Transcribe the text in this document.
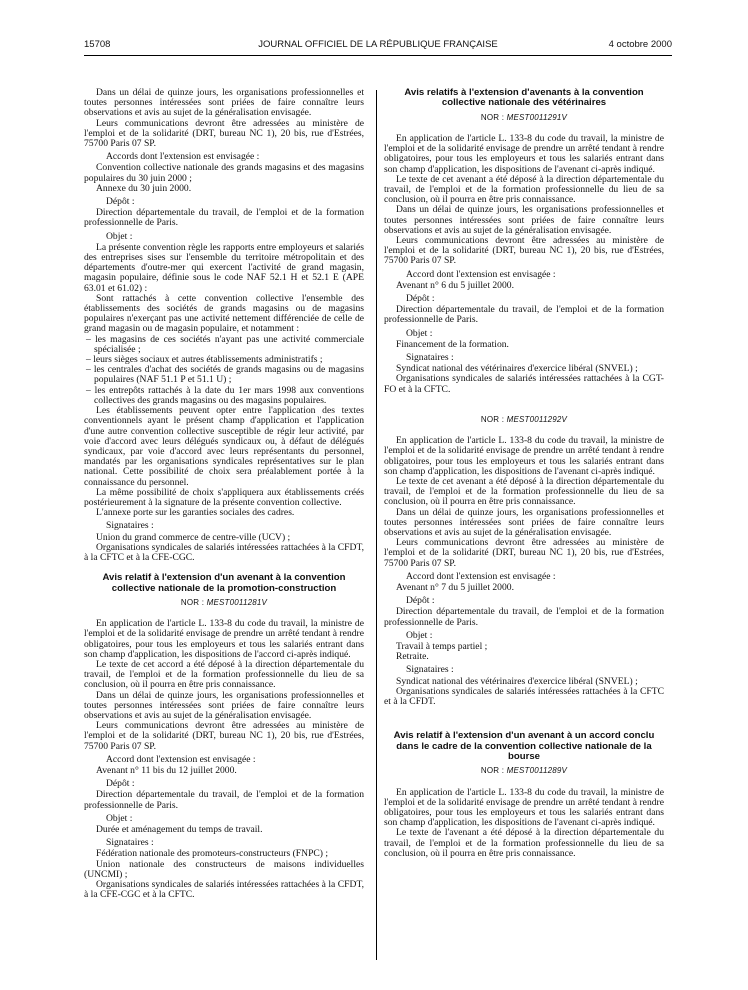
15708	JOURNAL OFFICIEL DE LA RÉPUBLIQUE FRANÇAISE	4 octobre 2000

Dans un délai de quinze jours, les organisations professionnelles et toutes personnes intéressées sont priées de faire connaître leurs observations et avis au sujet de la généralisation envisagée.

Leurs communications devront être adressées au ministère de l'emploi et de la solidarité (DRT, bureau NC 1), 20 bis, rue d'Estrées, 75700 Paris 07 SP.

Accords dont l'extension est envisagée :

Convention collective nationale des grands magasins et des magasins populaires du 30 juin 2000 ;

Annexe du 30 juin 2000.

Dépôt :

Direction départementale du travail, de l'emploi et de la formation professionnelle de Paris.

Objet :

La présente convention règle les rapports entre employeurs et salariés des entreprises sises sur l'ensemble du territoire métropolitain et des départements d'outre-mer qui exercent l'activité de grand magasin, magasin populaire, définie sous le code NAF 52.1 H et 52.1 E (APE 63.01 et 61.02) :

Sont rattachés à cette convention collective l'ensemble des établissements des sociétés de grands magasins ou de magasins populaires n'exerçant pas une activité nettement différenciée de celle de grand magasin ou de magasin populaire, et notamment :

– les magasins de ces sociétés n'ayant pas une activité commerciale spécialisée ;

– leurs sièges sociaux et autres établissements administratifs ;

– les centrales d'achat des sociétés de grands magasins ou de magasins populaires (NAF 51.1 P et 51.1 U) ;

– les entrepôts rattachés à la date du 1er mars 1998 aux conventions collectives des grands magasins ou des magasins populaires.

Les établissements peuvent opter entre l'application des textes conventionnels ayant le présent champ d'application et l'application d'une autre convention collective susceptible de régir leur activité, par voie d'accord avec leurs délégués syndicaux ou, à défaut de délégués syndicaux, par voie d'accord avec leurs représentants du personnel, mandatés par les organisations syndicales représentatives sur le plan national. Cette possibilité de choix sera préalablement portée à la connaissance du personnel.

La même possibilité de choix s'appliquera aux établissements créés postérieurement à la signature de la présente convention collective.

L'annexe porte sur les garanties sociales des cadres.

Signataires :

Union du grand commerce de centre-ville (UCV) ;

Organisations syndicales de salariés intéressées rattachées à la CFDT, à la CFTC et à la CFE-CGC.

Avis relatif à l'extension d'un avenant à la convention collective nationale de la promotion-construction
NOR : MESТ0011281V

En application de l'article L. 133-8 du code du travail, la ministre de l'emploi et de la solidarité envisage de prendre un arrêté tendant à rendre obligatoires, pour tous les employeurs et tous les salariés entrant dans son champ d'application, les dispositions de l'accord ci-après indiqué.

Le texte de cet accord a été déposé à la direction départementale du travail, de l'emploi et de la formation professionnelle du lieu de sa conclusion, où il pourra en être pris connaissance.

Dans un délai de quinze jours, les organisations professionnelles et toutes personnes intéressées sont priées de faire connaître leurs observations et avis au sujet de la généralisation envisagée.

Leurs communications devront être adressées au ministère de l'emploi et de la solidarité (DRT, bureau NC 1), 20 bis, rue d'Estrées, 75700 Paris 07 SP.

Accord dont l'extension est envisagée :

Avenant n° 11 bis du 12 juillet 2000.

Dépôt :

Direction départementale du travail, de l'emploi et de la formation professionnelle de Paris.

Objet :

Durée et aménagement du temps de travail.

Signataires :

Fédération nationale des promoteurs-constructeurs (FNPC) ;

Union nationale des constructeurs de maisons individuelles (UNCMI) ;

Organisations syndicales de salariés intéressées rattachées à la CFDT, à la CFE-CGC et à la CFTC.

Avis relatifs à l'extension d'avenants à la convention collective nationale des vétérinaires
NOR : MESТ0011291V

En application de l'article L. 133-8 du code du travail, la ministre de l'emploi et de la solidarité envisage de prendre un arrêté tendant à rendre obligatoires, pour tous les employeurs et tous les salariés entrant dans son champ d'application, les dispositions de l'avenant ci-après indiqué.

Le texte de cet avenant a été déposé à la direction départementale du travail, de l'emploi et de la formation professionnelle du lieu de sa conclusion, où il pourra en être pris connaissance.

Dans un délai de quinze jours, les organisations professionnelles et toutes personnes intéressées sont priées de faire connaître leurs observations et avis au sujet de la généralisation envisagée.

Leurs communications devront être adressées au ministère de l'emploi et de la solidarité (DRT, bureau NC 1), 20 bis, rue d'Estrées, 75700 Paris 07 SP.

Accord dont l'extension est envisagée :

Avenant n° 6 du 5 juillet 2000.

Dépôt :

Direction départementale du travail, de l'emploi et de la formation professionnelle de Paris.

Objet :

Financement de la formation.

Signataires :

Syndicat national des vétérinaires d'exercice libéral (SNVEL) ;

Organisations syndicales de salariés intéressées rattachées à la CGT-FO et à la CFTC.

NOR : MESТ0011292V

En application de l'article L. 133-8 du code du travail, la ministre de l'emploi et de la solidarité envisage de prendre un arrêté tendant à rendre obligatoires, pour tous les employeurs et tous les salariés entrant dans son champ d'application, les dispositions de l'avenant ci-après indiqué.

Le texte de cet avenant a été déposé à la direction départementale du travail, de l'emploi et de la formation professionnelle du lieu de sa conclusion, où il pourra en être pris connaissance.

Dans un délai de quinze jours, les organisations professionnelles et toutes personnes intéressées sont priées de faire connaître leurs observations et avis au sujet de la généralisation envisagée.

Leurs communications devront être adressées au ministère de l'emploi et de la solidarité (DRT, bureau NC 1), 20 bis, rue d'Estrées, 75700 Paris 07 SP.

Accord dont l'extension est envisagée :

Avenant n° 7 du 5 juillet 2000.

Dépôt :

Direction départementale du travail, de l'emploi et de la formation professionnelle de Paris.

Objet :

Travail à temps partiel ;

Retraite.

Signataires :

Syndicat national des vétérinaires d'exercice libéral (SNVEL) ;

Organisations syndicales de salariés intéressées rattachées à la CFTC et à la CFDT.

Avis relatif à l'extension d'un avenant à un accord conclu dans le cadre de la convention collective nationale de la bourse
NOR : MESТ0011289V

En application de l'article L. 133-8 du code du travail, la ministre de l'emploi et de la solidarité envisage de prendre un arrêté tendant à rendre obligatoires, pour tous les employeurs et tous les salariés entrant dans son champ d'application, les dispositions de l'avenant ci-après indiqué.

Le texte de l'avenant a été déposé à la direction départementale du travail, de l'emploi et de la formation professionnelle du lieu de sa conclusion, où il pourra en être pris connaissance.
